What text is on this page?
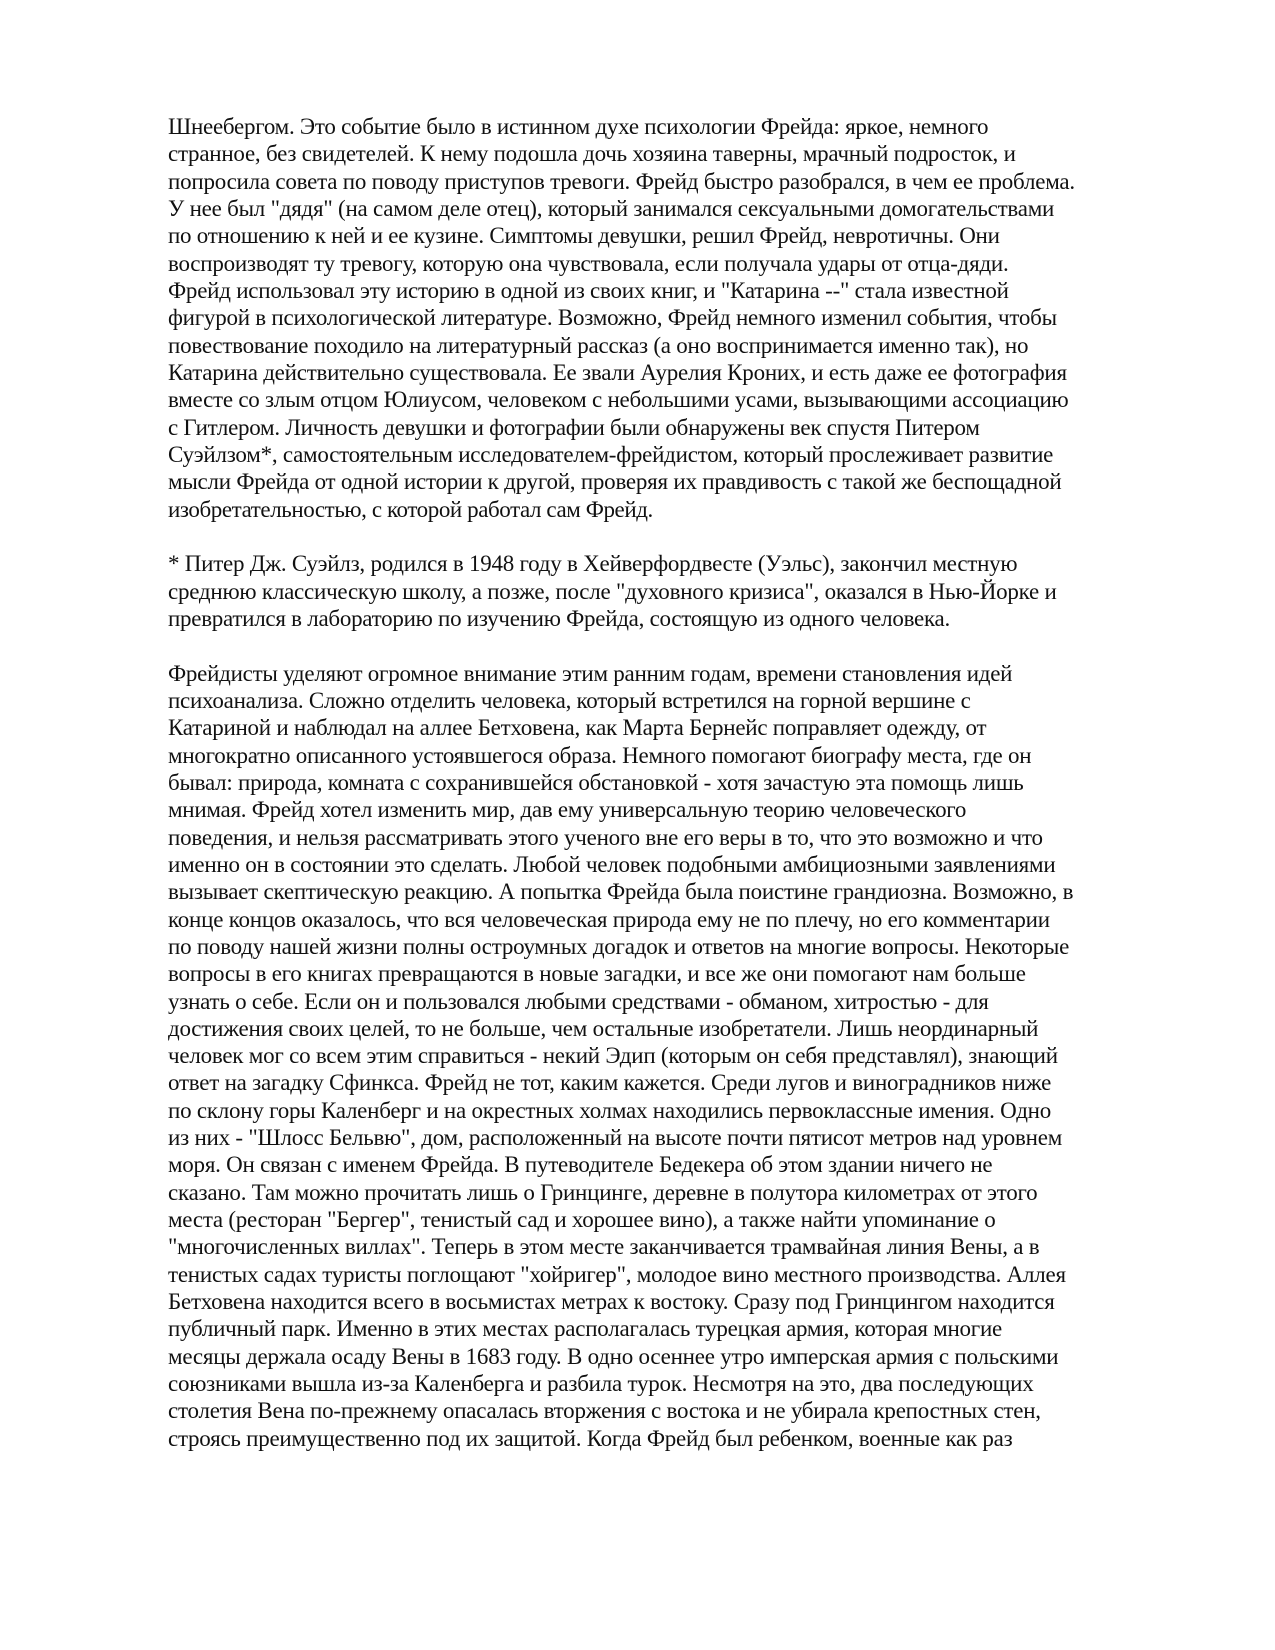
Шнеебергом. Это событие было в истинном духе психологии Фрейда: яркое, немного
странное, без свидетелей. К нему подошла дочь хозяина таверны, мрачный подросток, и
попросила совета по поводу приступов тревоги. Фрейд быстро разобрался, в чем ее проблема.
У нее был "дядя" (на самом деле отец), который занимался сексуальными домогательствами
по отношению к ней и ее кузине. Симптомы девушки, решил Фрейд, невротичны. Они
воспроизводят ту тревогу, которую она чувствовала, если получала удары от отца-дяди.
Фрейд использовал эту историю в одной из своих книг, и "Катарина --" стала известной
фигурой в психологической литературе. Возможно, Фрейд немного изменил события, чтобы
повествование походило на литературный рассказ (а оно воспринимается именно так), но
Катарина действительно существовала. Ее звали Аурелия Кроних, и есть даже ее фотография
вместе со злым отцом Юлиусом, человеком с небольшими усами, вызывающими ассоциацию
с Гитлером. Личность девушки и фотографии были обнаружены век спустя Питером
Суэйлзом*, самостоятельным исследователем-фрейдистом, который прослеживает развитие
мысли Фрейда от одной истории к другой, проверяя их правдивость с такой же беспощадной
изобретательностью, с которой работал сам Фрейд.
* Питер Дж. Суэйлз, родился в 1948 году в Хейверфордвесте (Уэльс), закончил местную
среднюю классическую школу, а позже, после "духовного кризиса", оказался в Нью-Йорке и
превратился в лабораторию по изучению Фрейда, состоящую из одного человека.
Фрейдисты уделяют огромное внимание этим ранним годам, времени становления идей
психоанализа. Сложно отделить человека, который встретился на горной вершине с
Катариной и наблюдал на аллее Бетховена, как Марта Бернейс поправляет одежду, от
многократно описанного устоявшегося образа. Немного помогают биографу места, где он
бывал: природа, комната с сохранившейся обстановкой - хотя зачастую эта помощь лишь
мнимая. Фрейд хотел изменить мир, дав ему универсальную теорию человеческого
поведения, и нельзя рассматривать этого ученого вне его веры в то, что это возможно и что
именно он в состоянии это сделать. Любой человек подобными амбициозными заявлениями
вызывает скептическую реакцию. А попытка Фрейда была поистине грандиозна. Возможно, в
конце концов оказалось, что вся человеческая природа ему не по плечу, но его комментарии
по поводу нашей жизни полны остроумных догадок и ответов на многие вопросы. Некоторые
вопросы в его книгах превращаются в новые загадки, и все же они помогают нам больше
узнать о себе. Если он и пользовался любыми средствами - обманом, хитростью - для
достижения своих целей, то не больше, чем остальные изобретатели. Лишь неординарный
человек мог со всем этим справиться - некий Эдип (которым он себя представлял), знающий
ответ на загадку Сфинкса. Фрейд не тот, каким кажется. Среди лугов и виноградников ниже
по склону горы Каленберг и на окрестных холмах находились первоклассные имения. Одно
из них - "Шлосс Бельвю", дом, расположенный на высоте почти пятисот метров над уровнем
моря. Он связан с именем Фрейда. В путеводителе Бедекера об этом здании ничего не
сказано. Там можно прочитать лишь о Гринцинге, деревне в полутора километрах от этого
места (ресторан "Бергер", тенистый сад и хорошее вино), а также найти упоминание о
"многочисленных виллах". Теперь в этом месте заканчивается трамвайная линия Вены, а в
тенистых садах туристы поглощают "хойригер", молодое вино местного производства. Аллея
Бетховена находится всего в восьмистах метрах к востоку. Сразу под Гринцингом находится
публичный парк. Именно в этих местах располагалась турецкая армия, которая многие
месяцы держала осаду Вены в 1683 году. В одно осеннее утро имперская армия с польскими
союзниками вышла из-за Каленберга и разбила турок. Несмотря на это, два последующих
столетия Вена по-прежнему опасалась вторжения с востока и не убирала крепостных стен,
строясь преимущественно под их защитой. Когда Фрейд был ребенком, военные как раз
